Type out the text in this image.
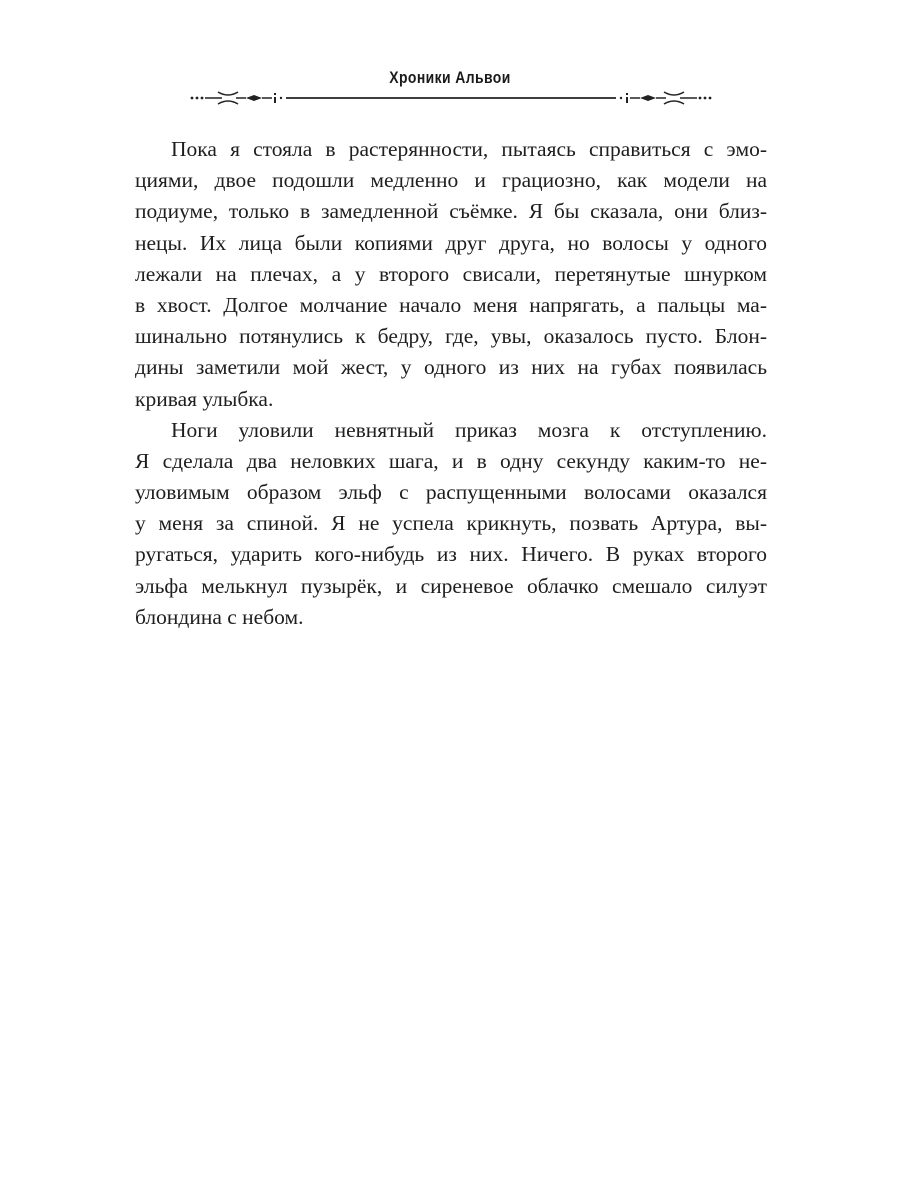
Хроники Альвои
Пока я стояла в растерянности, пытаясь справиться с эмо-
циями, двое подошли медленно и грациозно, как модели на
подиуме, только в замедленной съёмке. Я бы сказала, они близ-
нецы. Их лица были копиями друг друга, но волосы у одного
лежали на плечах, а у второго свисали, перетянутые шнурком
в хвост. Долгое молчание начало меня напрягать, а пальцы ма-
шинально потянулись к бедру, где, увы, оказалось пусто. Блон-
дины заметили мой жест, у одного из них на губах появилась
кривая улыбка.
Ноги уловили невнятный приказ мозга к отступлению.
Я сделала два неловких шага, и в одну секунду каким-то не-
уловимым образом эльф с распущенными волосами оказался
у меня за спиной. Я не успела крикнуть, позвать Артура, вы-
ругаться, ударить кого-нибудь из них. Ничего. В руках второго
эльфа мелькнул пузырёк, и сиреневое облачко смешало силуэт
блондина с небом.
